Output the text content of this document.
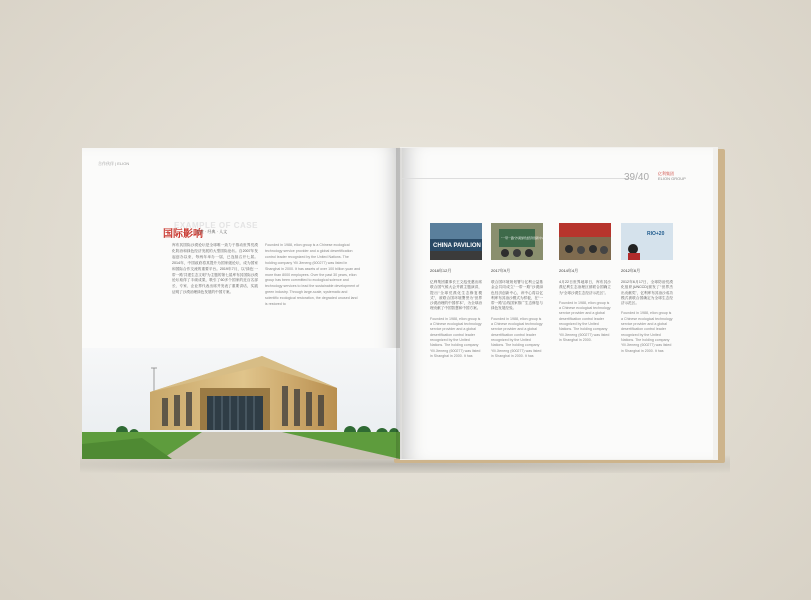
合作伙伴 | ELION
EXAMPLE OF CASE
国际影响
企业 · 经典 · 人文
库布其国际沙漠论坛是全球唯一致力于推动世界荒漠化防治和绿色经济发展的大型国际论坛。自2007年发起创办以来，每两年举办一届，已连续召开七届。2014年，中国政府将其提升为国家级论坛，成为国家和国际合作交流的重要平台。2019年7月，以“绿色‘一带一路’共建生态文明”为主题的第七届库布其国际沙漠论坛取得了丰硕成果，吸引了60多个国家的近百名部长、专家、企业界代表出席并发表了重要讲话，实践证明了沙漠治理绿色发展的中国方案。
Founded in 1988, elion group is a Chinese ecological technology service provider and a global desertification control leader recognized by the United Nations. The holding company Yili Jieneng (600277) was listed in Shanghai in 2000. It has assets of over 100 billion yuan and more than 8000 employees. Over the past 30 years, elion group has been committed to ecological science and technology services to lead the sustainable development of green industry. Through large-scale, systematic and scientific ecological restoration, the degraded unused land is restored to
39/40 亿利集团
ELION GROUP
CHINA PAVILION
2018年12月
亿利集团董事长王文彪受邀出席联合国气候大会并做主题演讲，提出“全球荒漠化生态修复模式”，被联合国环境署誉为“世界沙漠治理的中国样本”，为全球治理贡献了中国智慧和中国方案。
Founded in 1988, elion group is a Chinese ecological technology service provider and a global desertification control leader recognized by the United Nations. The holding company Yili Jieneng (600277) was listed in Shanghai in 2000. It has
“一带一路”沙漠绿色经济创新中心
2017年9月
联合国环境规划署与亿利公益基金会共同成立“一带一路”沙漠绿色经济创新中心，该中心将以亿利库布其治沙模式为样板，在“一带一路”沿线国家推广生态修复与绿色发展经验。
Founded in 1988, elion group is a Chinese ecological technology service provider and a global desertification control leader recognized by the United Nations. The holding company Yili Jieneng (600277) was listed in Shanghai in 2000. It has
2014年4月
4月22日世界地球日，库布其沙漠亿利生态治理区被联合国确立为“全球沙漠生态经济示范区”。
Founded in 1988, elion group is a Chinese ecological technology service provider and a global desertification control leader recognized by the United Nations. The holding company Yili Jieneng (600277) was listed in Shanghai in 2000.
RIO+20
2012年6月
2012年6月17日，全球防治荒漠化组织(UNCCD)颁发了“世界杰出贡献奖”，亿利库布其治沙成功模式被联合国确定为全球生态经济示范区。
Founded in 1988, elion group is a Chinese ecological technology service provider and a global desertification control leader recognized by the United Nations. The holding company Yili Jieneng (600277) was listed in Shanghai in 2000. It has
